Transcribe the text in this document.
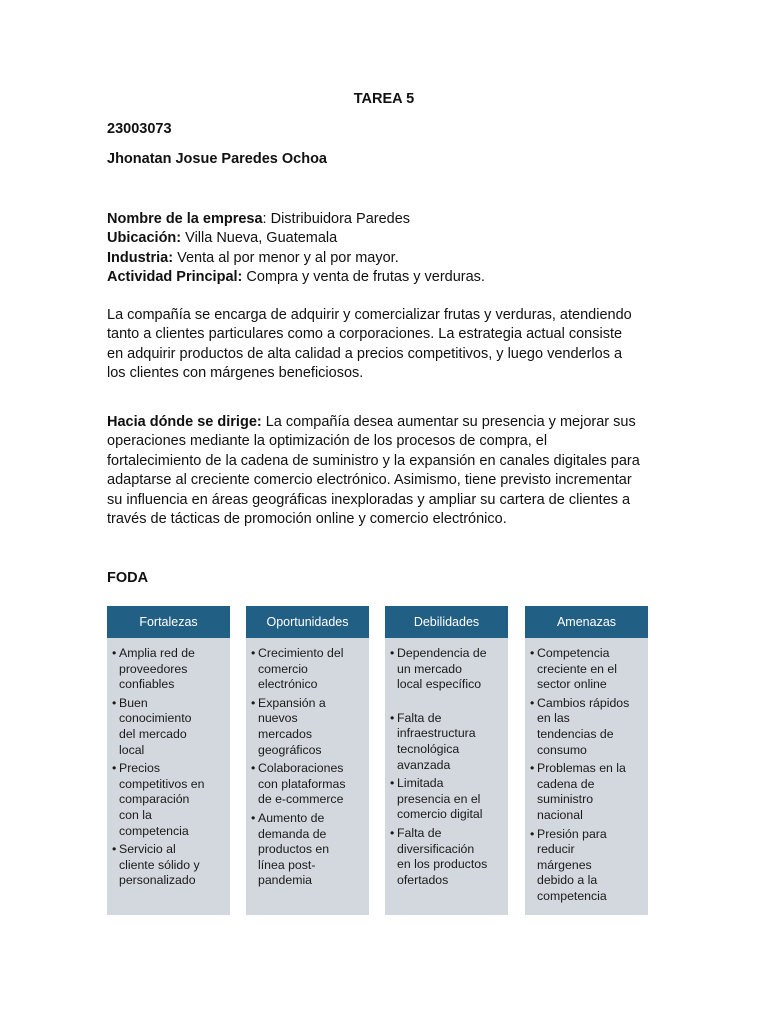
TAREA 5
23003073
Jhonatan Josue Paredes Ochoa
Nombre de la empresa: Distribuidora Paredes
Ubicación: Villa Nueva, Guatemala
Industria: Venta al por menor y al por mayor.
Actividad Principal: Compra y venta de frutas y verduras.
La compañía se encarga de adquirir y comercializar frutas y verduras, atendiendo
tanto a clientes particulares como a corporaciones. La estrategia actual consiste
en adquirir productos de alta calidad a precios competitivos, y luego venderlos a
los clientes con márgenes beneficiosos.
Hacia dónde se dirige: La compañía desea aumentar su presencia y mejorar sus
operaciones mediante la optimización de los procesos de compra, el
fortalecimiento de la cadena de suministro y la expansión en canales digitales para
adaptarse al creciente comercio electrónico. Asimismo, tiene previsto incrementar
su influencia en áreas geográficas inexploradas y ampliar su cartera de clientes a
través de tácticas de promoción online y comercio electrónico.
FODA
Fortalezas
• Amplia red de
proveedores
confiables
• Buen
conocimiento
del mercado
local
• Precios
competitivos en
comparación
con la
competencia
• Servicio al
cliente sólido y
personalizado
Oportunidades
• Crecimiento del
comercio
electrónico
• Expansión a
nuevos
mercados
geográficos
• Colaboraciones
con plataformas
de e-commerce
• Aumento de
demanda de
productos en
línea post-
pandemia
Debilidades
• Dependencia de
un mercado
local específico
• Falta de
infraestructura
tecnológica
avanzada
• Limitada
presencia en el
comercio digital
• Falta de
diversificación
en los productos
ofertados
Amenazas
• Competencia
creciente en el
sector online
• Cambios rápidos
en las
tendencias de
consumo
• Problemas en la
cadena de
suministro
nacional
• Presión para
reducir
márgenes
debido a la
competencia
